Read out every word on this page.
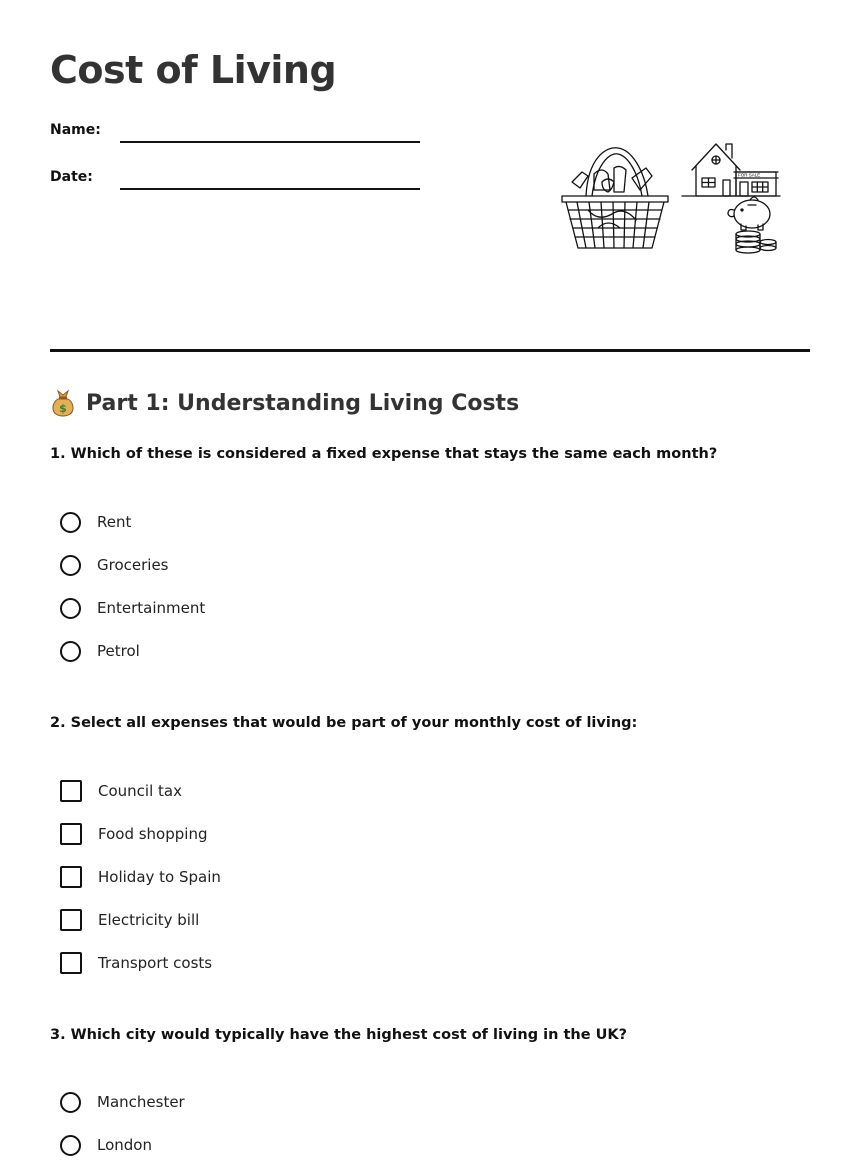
Cost of Living
Name:
Date:	FOR SALE
$ Part 1: Understanding Living Costs

1. Which of these is considered a fixed expense that stays the same each month?

Rent
Groceries
Entertainment
Petrol

2. Select all expenses that would be part of your monthly cost of living:

Council tax
Food shopping
Holiday to Spain
Electricity bill
Transport costs

3. Which city would typically have the highest cost of living in the UK?

Manchester
London
